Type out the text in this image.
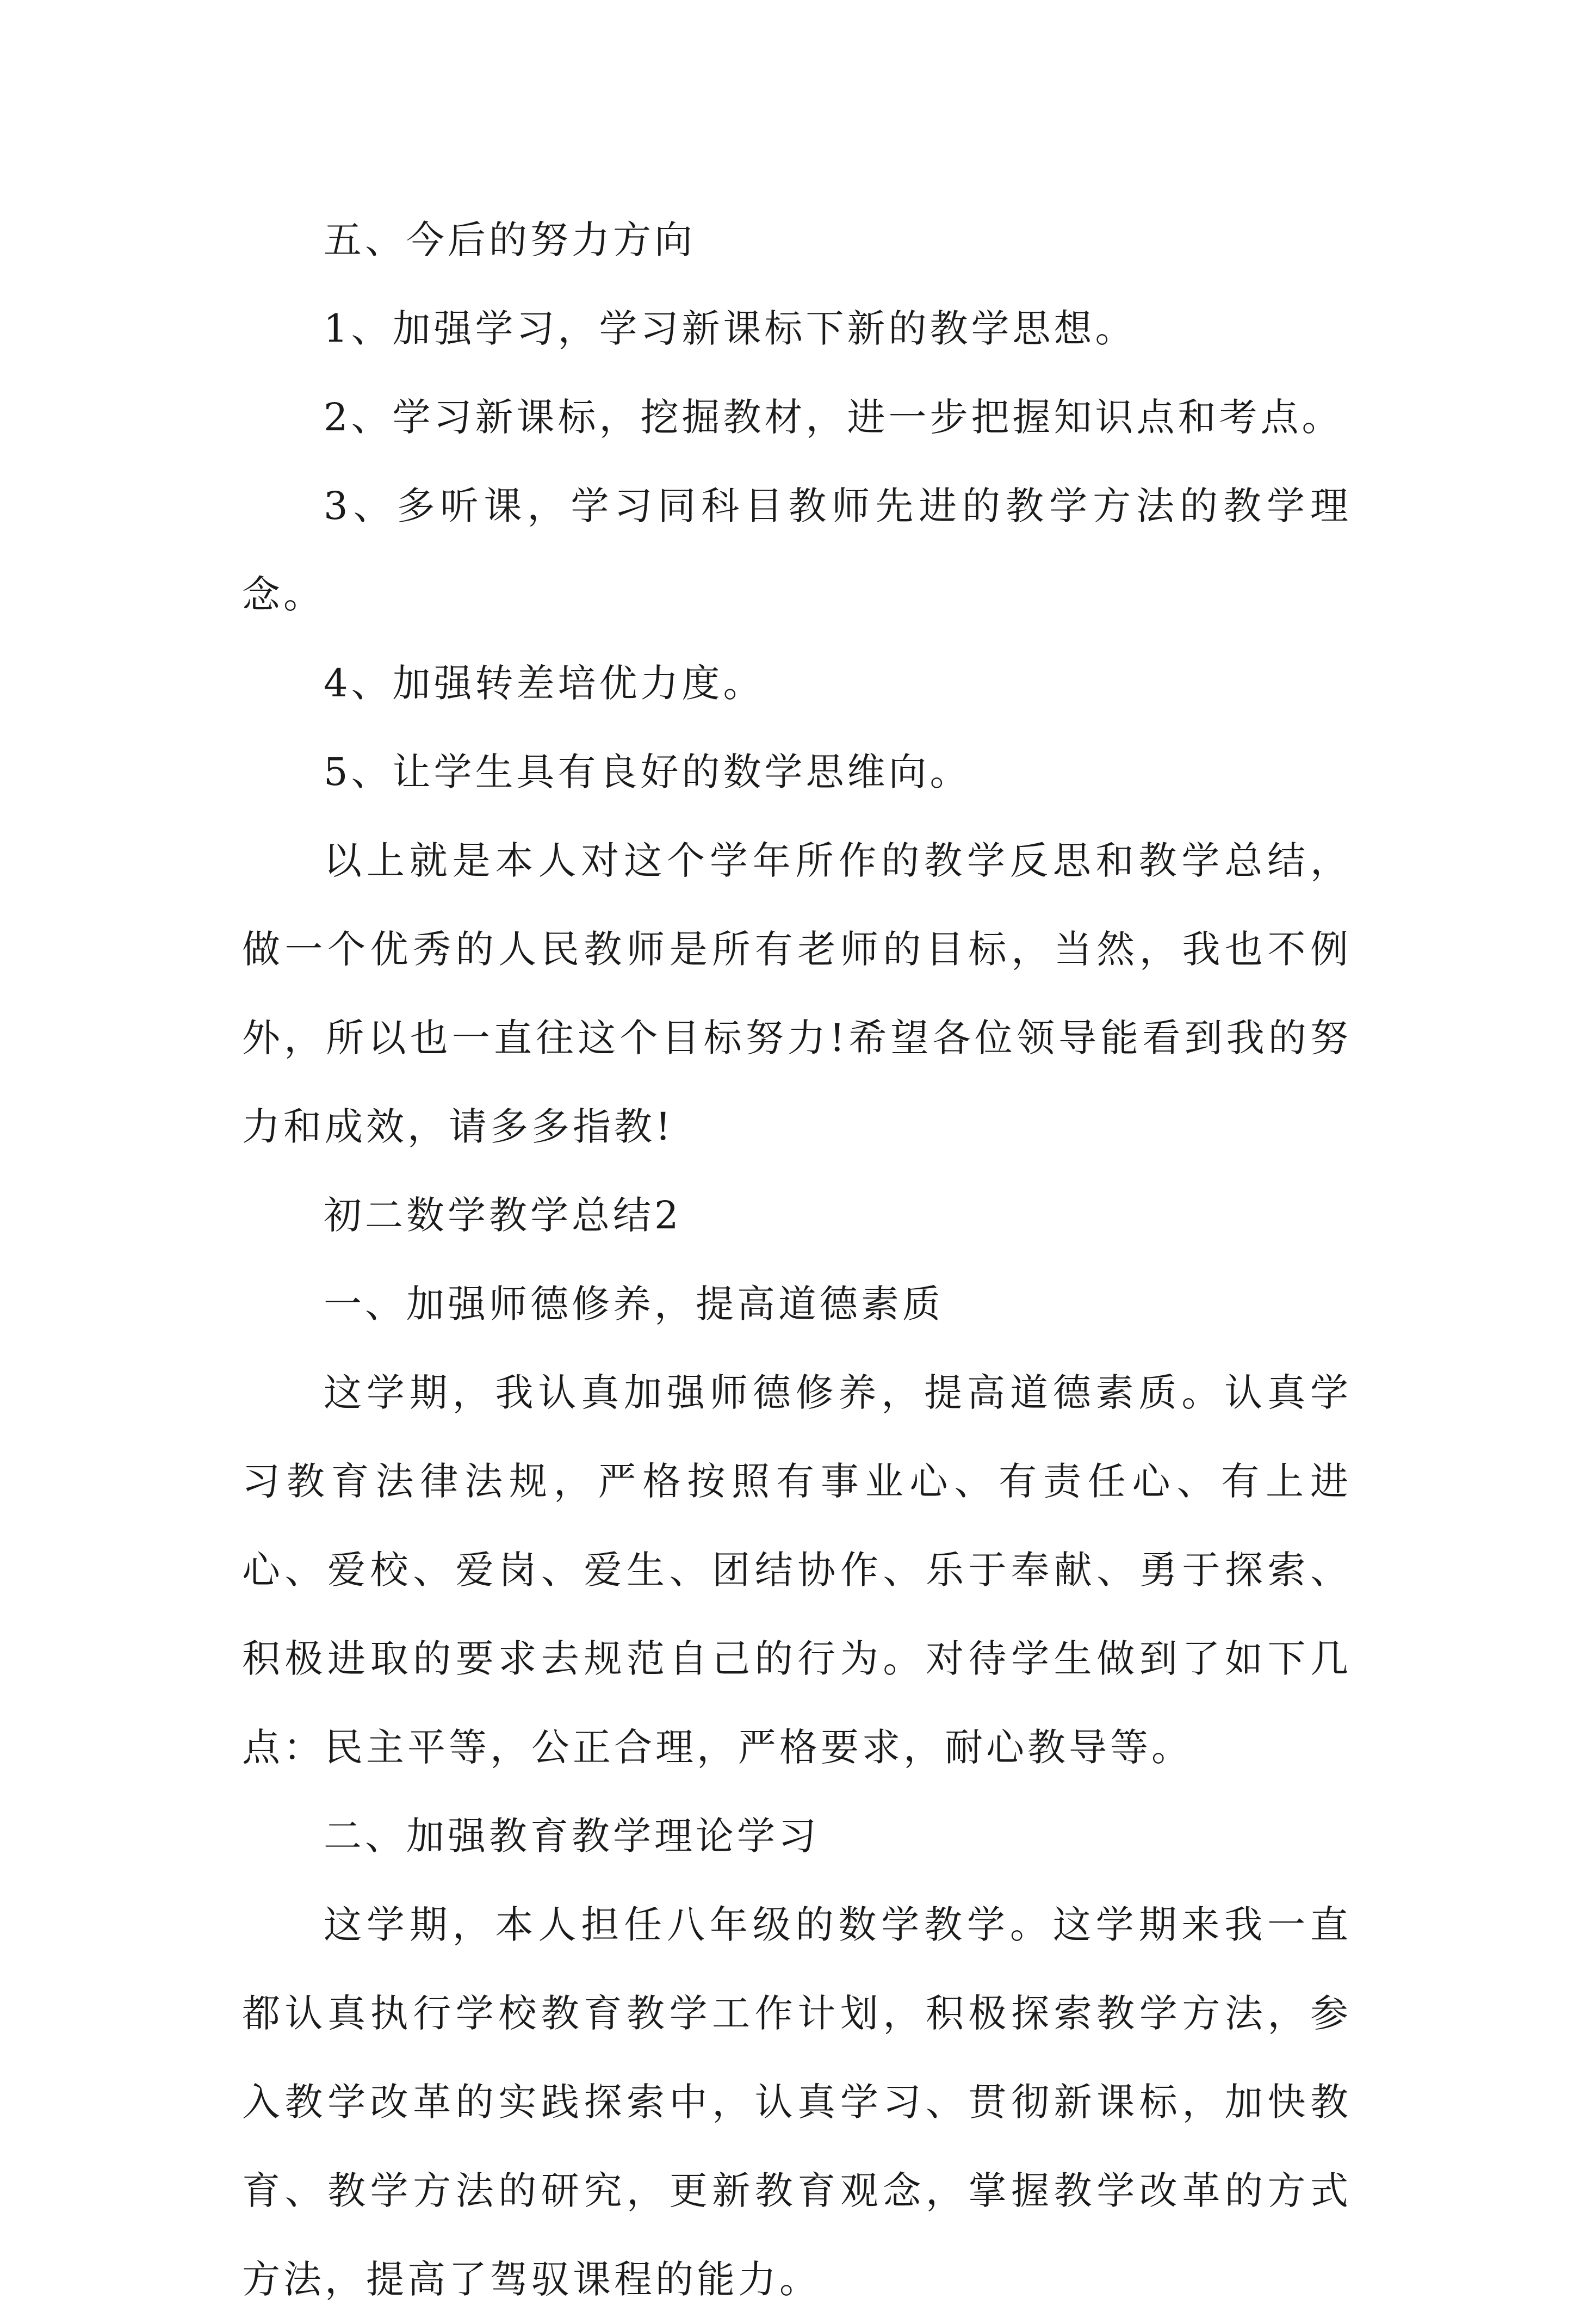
五、今后的努力方向

1、加强学习，学习新课标下新的教学思想。

2、学习新课标，挖掘教材，进一步把握知识点和考点。

3、多听课，学习同科目教师先进的教学方法的教学理念。

4、加强转差培优力度。

5、让学生具有良好的数学思维向。

以上就是本人对这个学年所作的教学反思和教学总结，做一个优秀的人民教师是所有老师的目标，当然，我也不例外，所以也一直往这个目标努力!希望各位领导能看到我的努力和成效，请多多指教!

初二数学教学总结2

一、加强师德修养，提高道德素质

这学期，我认真加强师德修养，提高道德素质。认真学习教育法律法规，严格按照有事业心、有责任心、有上进心、爱校、爱岗、爱生、团结协作、乐于奉献、勇于探索、积极进取的要求去规范自己的行为。对待学生做到了如下几点：民主平等，公正合理，严格要求，耐心教导等。

二、加强教育教学理论学习

这学期，本人担任八年级的数学教学。这学期来我一直都认真执行学校教育教学工作计划，积极探索教学方法，参入教学改革的实践探索中，认真学习、贯彻新课标，加快教育、教学方法的研究，更新教育观念，掌握教学改革的方式方法，提高了驾驭课程的能力。
